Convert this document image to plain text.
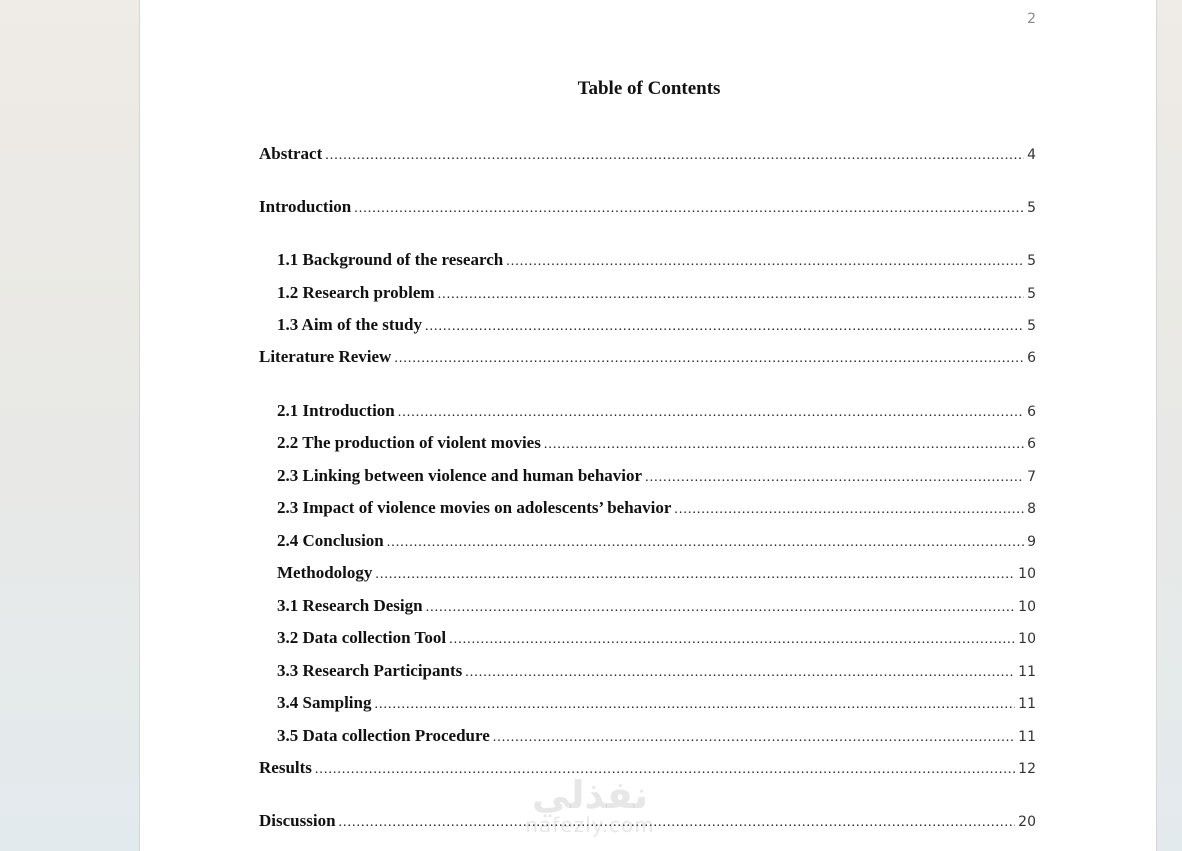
2
Table of Contents
Abstract .....	4
Introduction .....	5
1.1 Background of the research .....	5
1.2 Research problem .....	5
1.3 Aim of the study .....	5
Literature Review .....	6
2.1 Introduction .....	6
2.2 The production of violent movies .....	6
2.3 Linking between violence and human behavior .....	7
2.3 Impact of violence movies on adolescents’ behavior .....	8
2.4 Conclusion .....	9
Methodology .....	10
3.1 Research Design .....	10
3.2 Data collection Tool .....	10
3.3 Research Participants .....	11
3.4 Sampling .....	11
3.5 Data collection Procedure .....	11
Results .....	12
Discussion .....	20
نفذلي
nafezly.com
